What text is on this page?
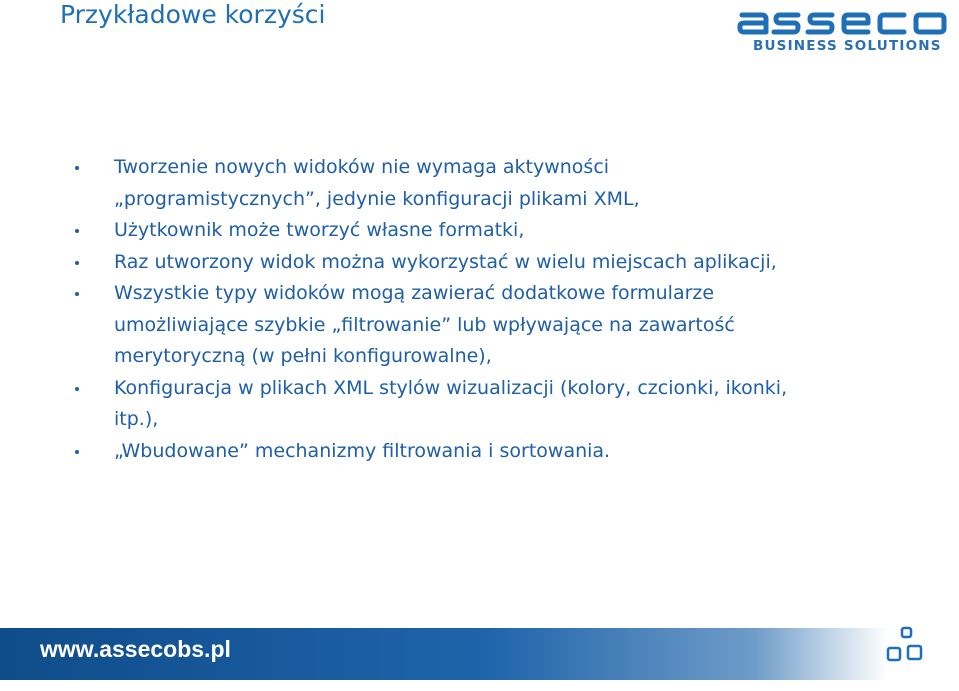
Przykładowe korzyści
BUSINESS SOLUTIONS
Tworzenie nowych widoków nie wymaga aktywności
„programistycznych”, jedynie konfiguracji plikami XML,
Użytkownik może tworzyć własne formatki,
Raz utworzony widok można wykorzystać w wielu miejscach aplikacji,
Wszystkie typy widoków mogą zawierać dodatkowe formularze
umożliwiające szybkie „filtrowanie” lub wpływające na zawartość
merytoryczną (w pełni konfigurowalne),
Konfiguracja w plikach XML stylów wizualizacji (kolory, czcionki, ikonki,
itp.),
„Wbudowane” mechanizmy filtrowania i sortowania.
www.assecobs.pl
